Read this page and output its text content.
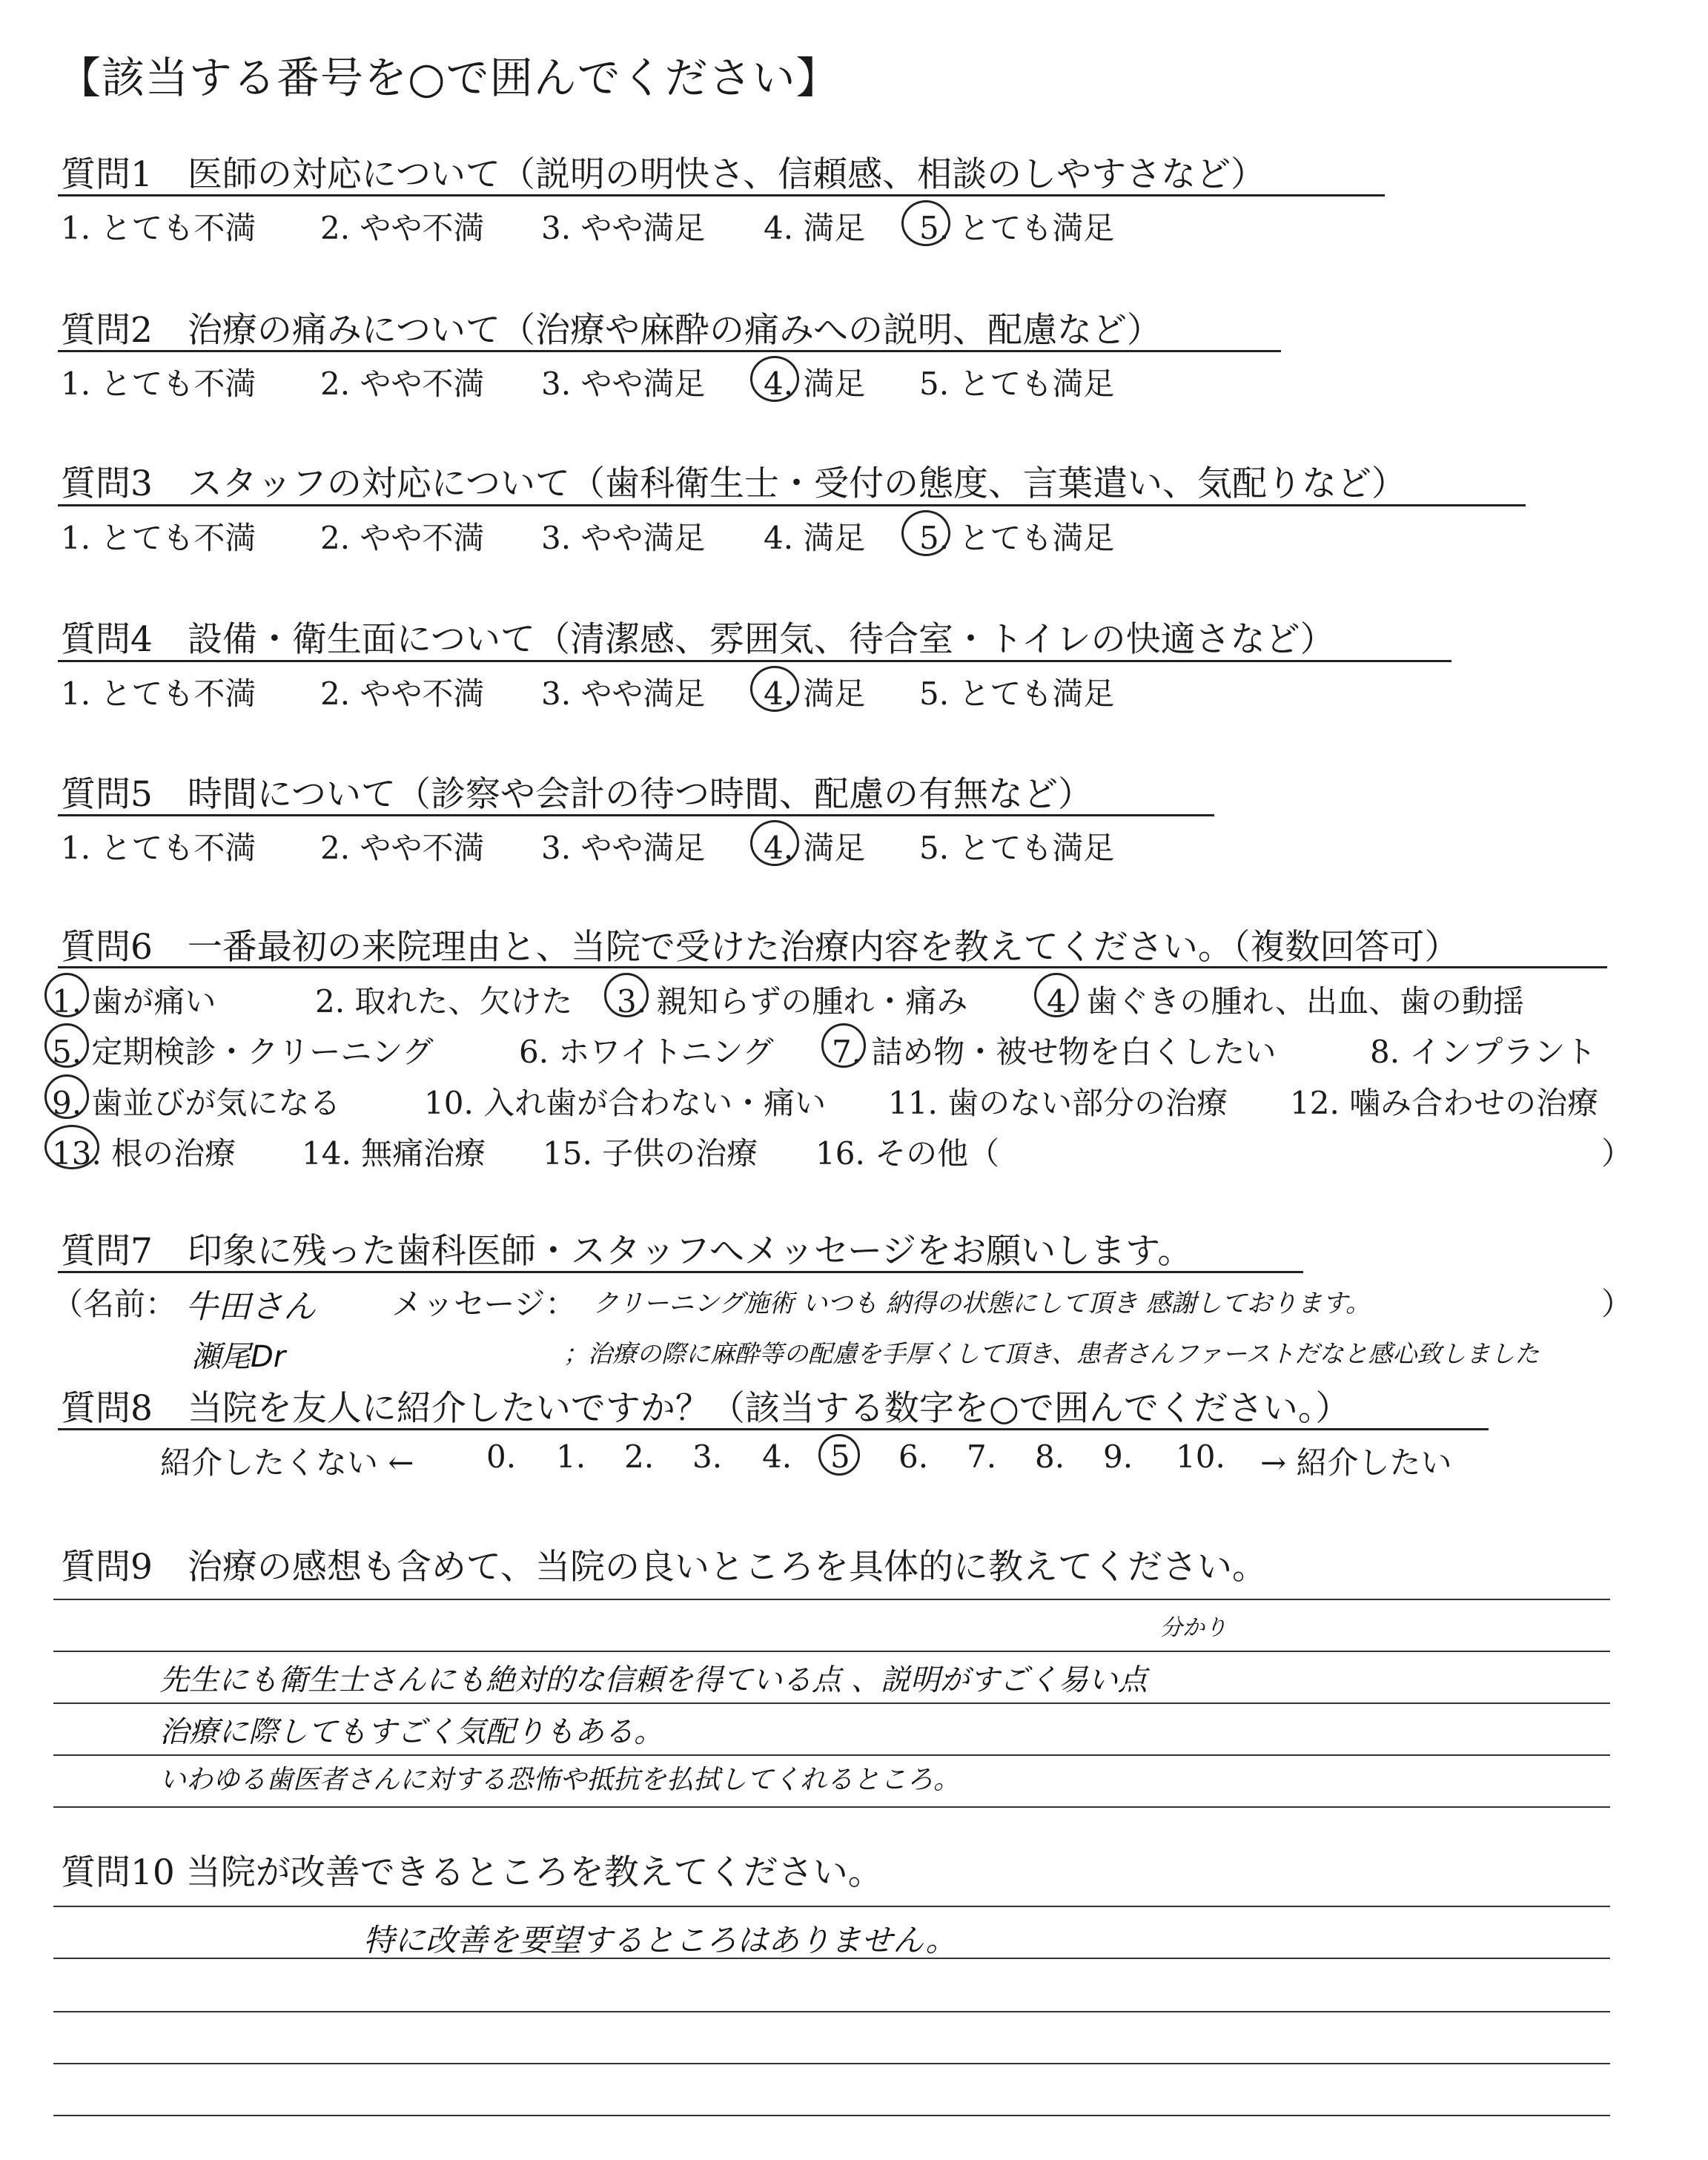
【該当する番号を○で囲んでください】
質問1　医師の対応について（説明の明快さ、信頼感、相談のしやすさなど）
1. とても不満 2. やや不満 3. やや満足 4. 満足 5. とても満足
質問2　治療の痛みについて（治療や麻酔の痛みへの説明、配慮など）
1. とても不満 2. やや不満 3. やや満足 4. 満足 5. とても満足
質問3　スタッフの対応について（歯科衛生士・受付の態度、言葉遣い、気配りなど）
1. とても不満 2. やや不満 3. やや満足 4. 満足 5. とても満足
質問4　設備・衛生面について（清潔感、雰囲気、待合室・トイレの快適さなど）
1. とても不満 2. やや不満 3. やや満足 4. 満足 5. とても満足
質問5　時間について（診察や会計の待つ時間、配慮の有無など）
1. とても不満 2. やや不満 3. やや満足 4. 満足 5. とても満足
質問6　一番最初の来院理由と、当院で受けた治療内容を教えてください。（複数回答可）
1. 歯が痛い	2. 取れた、欠けた 3. 親知らずの腫れ・痛み	4. 歯ぐきの腫れ、出血、歯の動揺
5. 定期検診・クリーニング	6. ホワイトニング 7. 詰め物・被せ物を白くしたい	8. インプラント
9. 歯並びが気になる	10. 入れ歯が合わない・痛い 11. 歯のない部分の治療 12. 噛み合わせの治療
13. 根の治療 14. 無痛治療 15. 子供の治療 16. その他（	）
質問7　印象に残った歯科医師・スタッフへメッセージをお願いします。
（名前： 牛田さん メッセージ： クリーニング施術 いつも 納得の状態にして頂き 感謝しております。	）
瀬尾Dr	；治療の際に麻酔等の配慮を手厚くして頂き、患者さんファーストだなと感心致しました
質問8　当院を友人に紹介したいですか？（該当する数字を○で囲んでください。）
紹介したくない ← 0. 1. 2. 3. 4. 5 6. 7. 8. 9. 10. → 紹介したい
質問9　治療の感想も含めて、当院の良いところを具体的に教えてください。
分かり
先生にも衛生士さんにも絶対的な信頼を得ている点 、説明がすごく易い点
治療に際してもすごく気配りもある。
いわゆる歯医者さんに対する恐怖や抵抗を払拭してくれるところ。
質問10 当院が改善できるところを教えてください。
特に改善を要望するところはありません。
